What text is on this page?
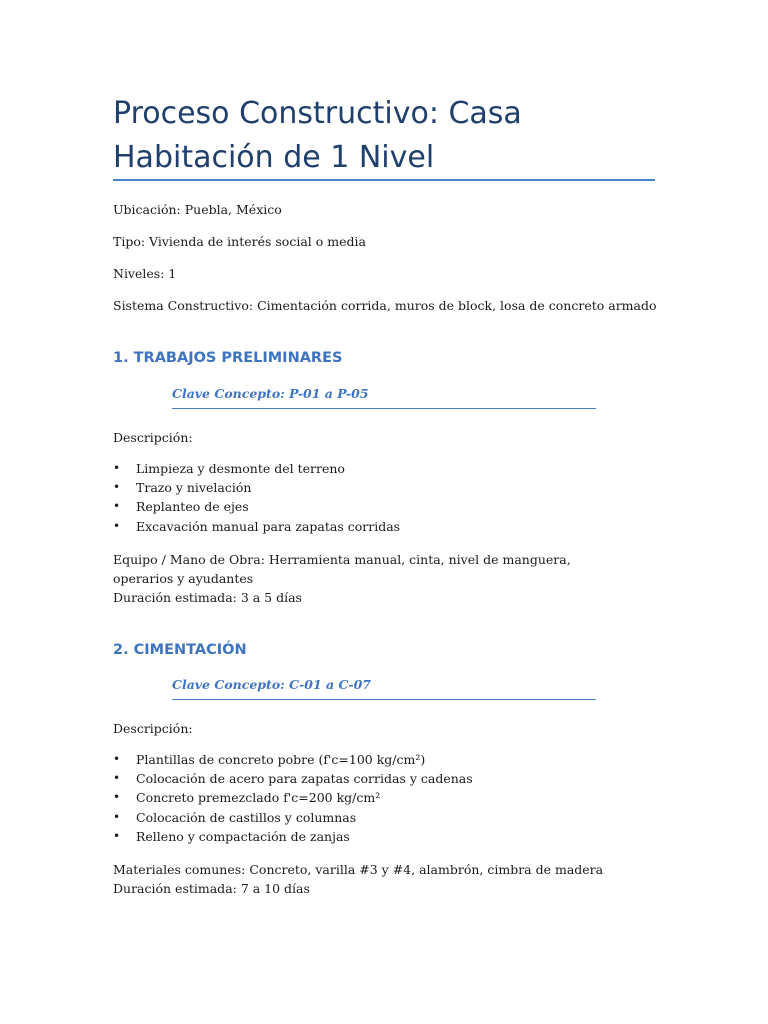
Proceso Constructivo: Casa Habitación de 1 Nivel
Ubicación: Puebla, México
Tipo: Vivienda de interés social o media
Niveles: 1
Sistema Constructivo: Cimentación corrida, muros de block, losa de concreto armado
1. TRABAJOS PRELIMINARES
Clave Concepto: P-01 a P-05
Descripción:
• Limpieza y desmonte del terreno
• Trazo y nivelación
• Replanteo de ejes
• Excavación manual para zapatas corridas
Equipo / Mano de Obra: Herramienta manual, cinta, nivel de manguera, operarios y ayudantes
Duración estimada: 3 a 5 días
2. CIMENTACIÓN
Clave Concepto: C-01 a C-07
Descripción:
• Plantillas de concreto pobre (f'c=100 kg/cm²)
• Colocación de acero para zapatas corridas y cadenas
• Concreto premezclado f'c=200 kg/cm²
• Colocación de castillos y columnas
• Relleno y compactación de zanjas
Materiales comunes: Concreto, varilla #3 y #4, alambrón, cimbra de madera
Duración estimada: 7 a 10 días
